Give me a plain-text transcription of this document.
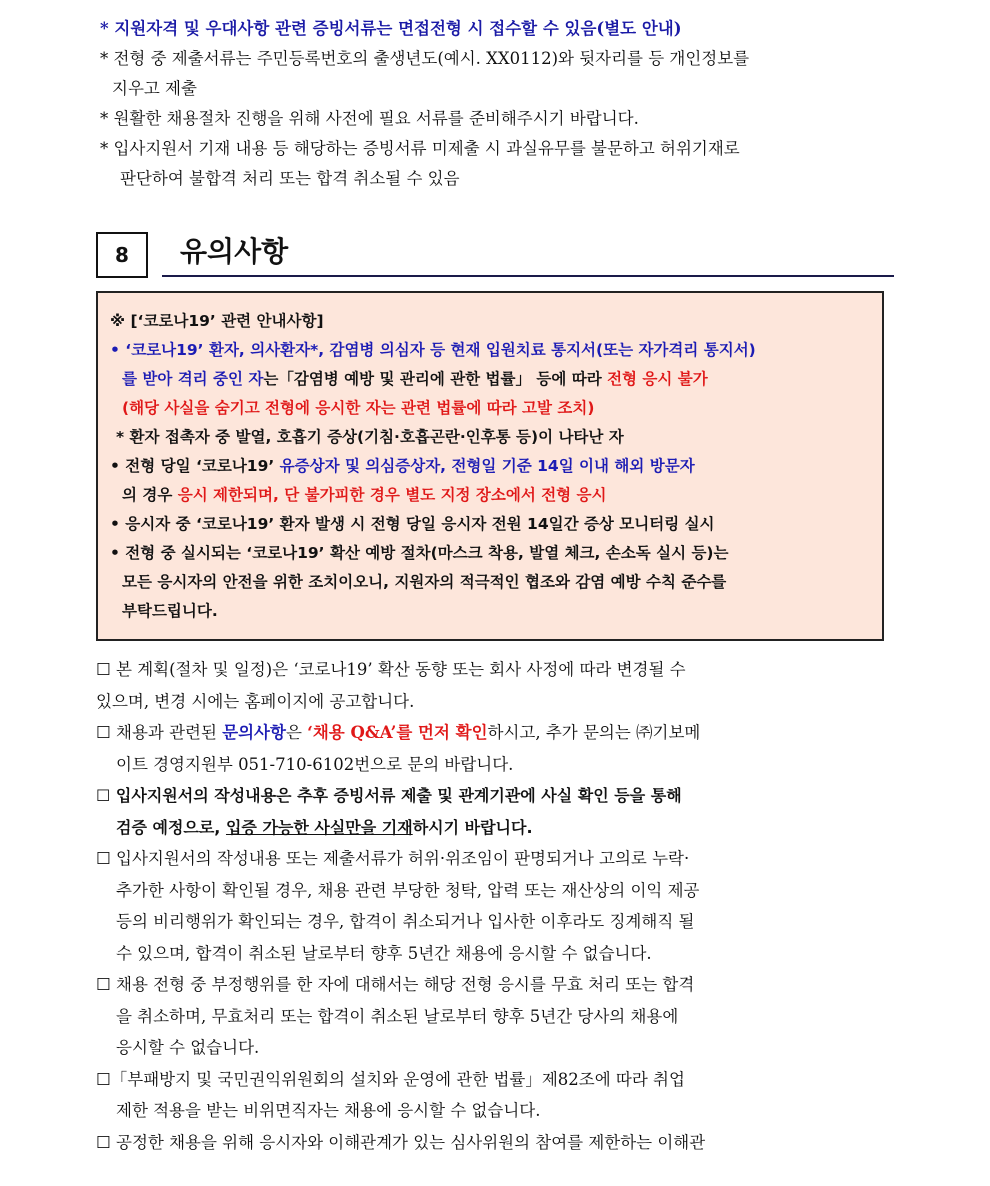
* 지원자격 및 우대사항 관련 증빙서류는 면접전형 시 접수할 수 있음(별도 안내)

* 전형 중 제출서류는 주민등록번호의 출생년도(예시. XX0112)와 뒷자리를 등 개인정보를

지우고 제출

* 원활한 채용절차 진행을 위해 사전에 필요 서류를 준비해주시기 바랍니다.

* 입사지원서 기재 내용 등 해당하는 증빙서류 미제출 시 과실유무를 불문하고 허위기재로

판단하여 불합격 처리 또는 합격 취소될 수 있음

8	유의사항

※ [‘코로나19’ 관련 안내사항]

• ‘코로나19’ 환자, 의사환자*, 감염병 의심자 등 현재 입원치료 통지서(또는 자가격리 통지서)

를 받아 격리 중인 자는「감염병 예방 및 관리에 관한 법률」 등에 따라 전형 응시 불가

(해당 사실을 숨기고 전형에 응시한 자는 관련 법률에 따라 고발 조치)

* 환자 접촉자 중 발열, 호흡기 증상(기침·호흡곤란·인후통 등)이 나타난 자

• 전형 당일 ‘코로나19’ 유증상자 및 의심증상자, 전형일 기준 14일 이내 해외 방문자

의 경우 응시 제한되며, 단 불가피한 경우 별도 지정 장소에서 전형 응시

• 응시자 중 ‘코로나19’ 환자 발생 시 전형 당일 응시자 전원 14일간 증상 모니터링 실시

• 전형 중 실시되는 ‘코로나19’ 확산 예방 절차(마스크 착용, 발열 체크, 손소독 실시 등)는

모든 응시자의 안전을 위한 조치이오니, 지원자의 적극적인 협조와 감염 예방 수칙 준수를

부탁드립니다.

☐ 본 계획(절차 및 일정)은 ‘코로나19’ 확산 동향 또는 회사 사정에 따라 변경될 수

있으며, 변경 시에는 홈페이지에 공고합니다.

☐ 채용과 관련된 문의사항은 ‘채용 Q&A’를 먼저 확인하시고, 추가 문의는 ㈜기보메

이트 경영지원부 051-710-6102번으로 문의 바랍니다.

☐ 입사지원서의 작성내용은 추후 증빙서류 제출 및 관계기관에 사실 확인 등을 통해

검증 예정으로, 입증 가능한 사실만을 기재하시기 바랍니다.

☐ 입사지원서의 작성내용 또는 제출서류가 허위·위조임이 판명되거나 고의로 누락·

추가한 사항이 확인될 경우, 채용 관련 부당한 청탁, 압력 또는 재산상의 이익 제공

등의 비리행위가 확인되는 경우, 합격이 취소되거나 입사한 이후라도 징계해직 될

수 있으며, 합격이 취소된 날로부터 향후 5년간 채용에 응시할 수 없습니다.

☐ 채용 전형 중 부정행위를 한 자에 대해서는 해당 전형 응시를 무효 처리 또는 합격

을 취소하며, 무효처리 또는 합격이 취소된 날로부터 향후 5년간 당사의 채용에

응시할 수 없습니다.

☐「부패방지 및 국민권익위원회의 설치와 운영에 관한 법률」제82조에 따라 취업

제한 적용을 받는 비위면직자는 채용에 응시할 수 없습니다.

☐ 공정한 채용을 위해 응시자와 이해관계가 있는 심사위원의 참여를 제한하는 이해관
